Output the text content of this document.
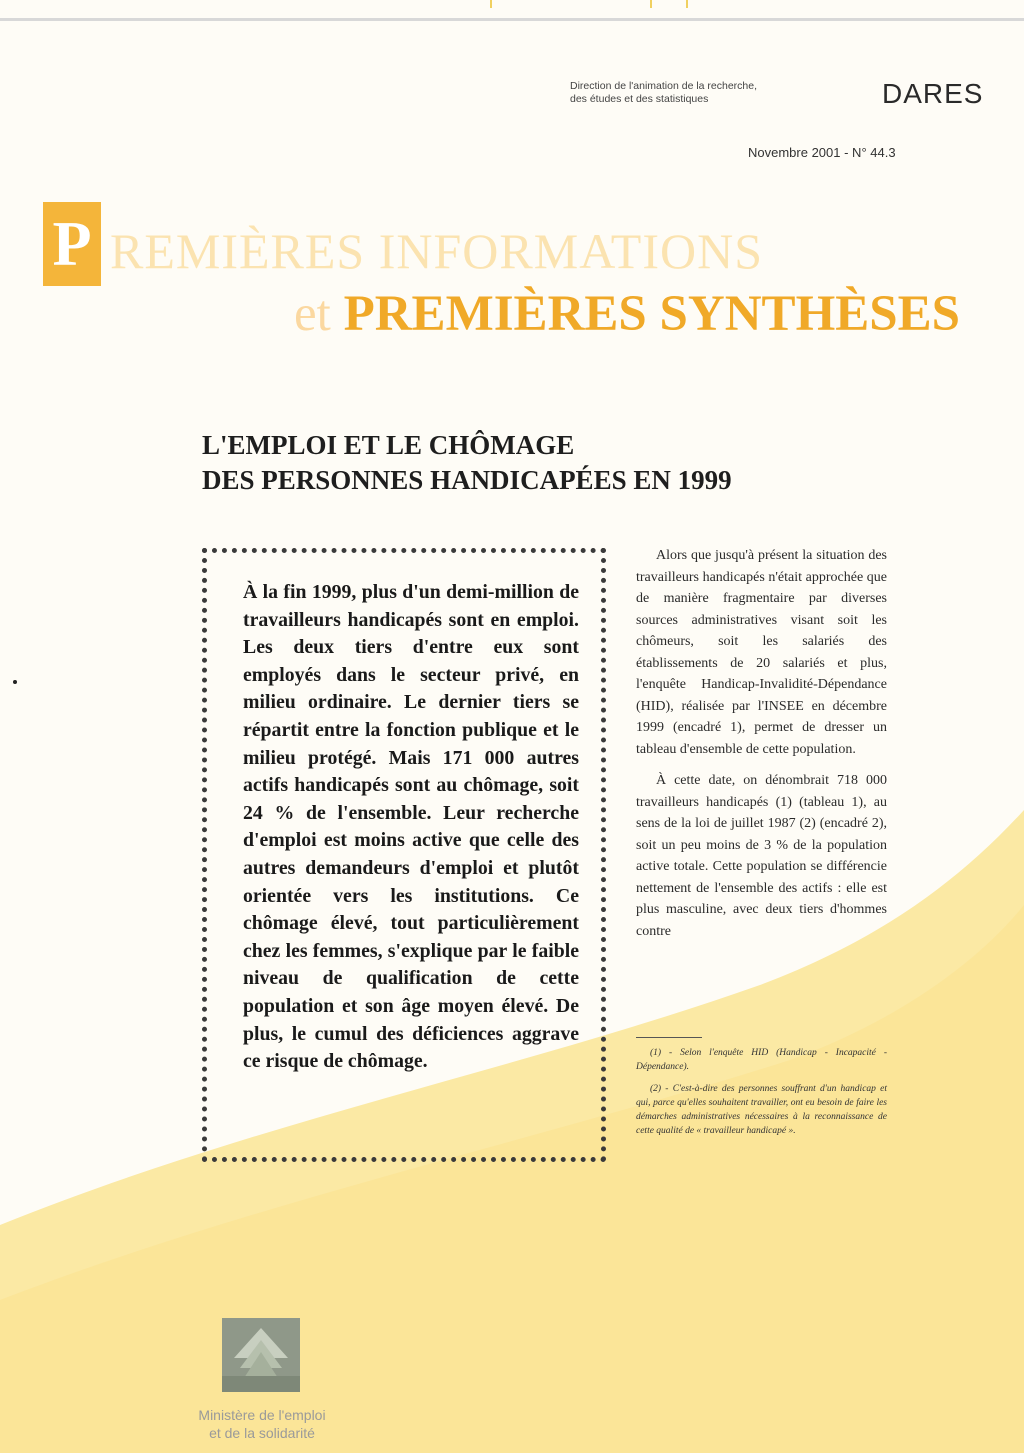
Direction de l'animation de la recherche,
des études et des statistiques	DARES
Novembre 2001 - N° 44.3
P REMIÈRES INFORMATIONS
et PREMIÈRES SYNTHÈSES
L'EMPLOI ET LE CHÔMAGE
DES PERSONNES HANDICAPÉES EN 1999
À la fin 1999, plus d'un demi-million de travailleurs handicapés sont en emploi. Les deux tiers d'entre eux sont employés dans le secteur privé, en milieu ordinaire. Le dernier tiers se répartit entre la fonction publique et le milieu protégé. Mais 171 000 autres actifs handicapés sont au chômage, soit 24 % de l'ensemble. Leur recherche d'emploi est moins active que celle des autres demandeurs d'emploi et plutôt orientée vers les institutions. Ce chômage élevé, tout particulièrement chez les femmes, s'explique par le faible niveau de qualification de cette population et son âge moyen élevé. De plus, le cumul des déficiences aggrave ce risque de chômage.

Alors que jusqu'à présent la situation des travailleurs handicapés n'était approchée que de manière fragmentaire par diverses sources administratives visant soit les chômeurs, soit les salariés des établissements de 20 salariés et plus, l'enquête Handicap-Invalidité-Dépendance (HID), réalisée par l'INSEE en décembre 1999 (encadré 1), permet de dresser un tableau d'ensemble de cette population.

À cette date, on dénombrait 718 000 travailleurs handicapés (1) (tableau 1), au sens de la loi de juillet 1987 (2) (encadré 2), soit un peu moins de 3 % de la population active totale. Cette population se différencie nettement de l'ensemble des actifs : elle est plus masculine, avec deux tiers d'hommes contre

(1) - Selon l'enquête HID (Handicap - Incapacité - Dépendance).

(2) - C'est-à-dire des personnes souffrant d'un handicap et qui, parce qu'elles souhaitent travailler, ont eu besoin de faire les démarches administratives nécessaires à la reconnaissance de cette qualité de « travailleur handicapé ».

Ministère de l'emploi
et de la solidarité
